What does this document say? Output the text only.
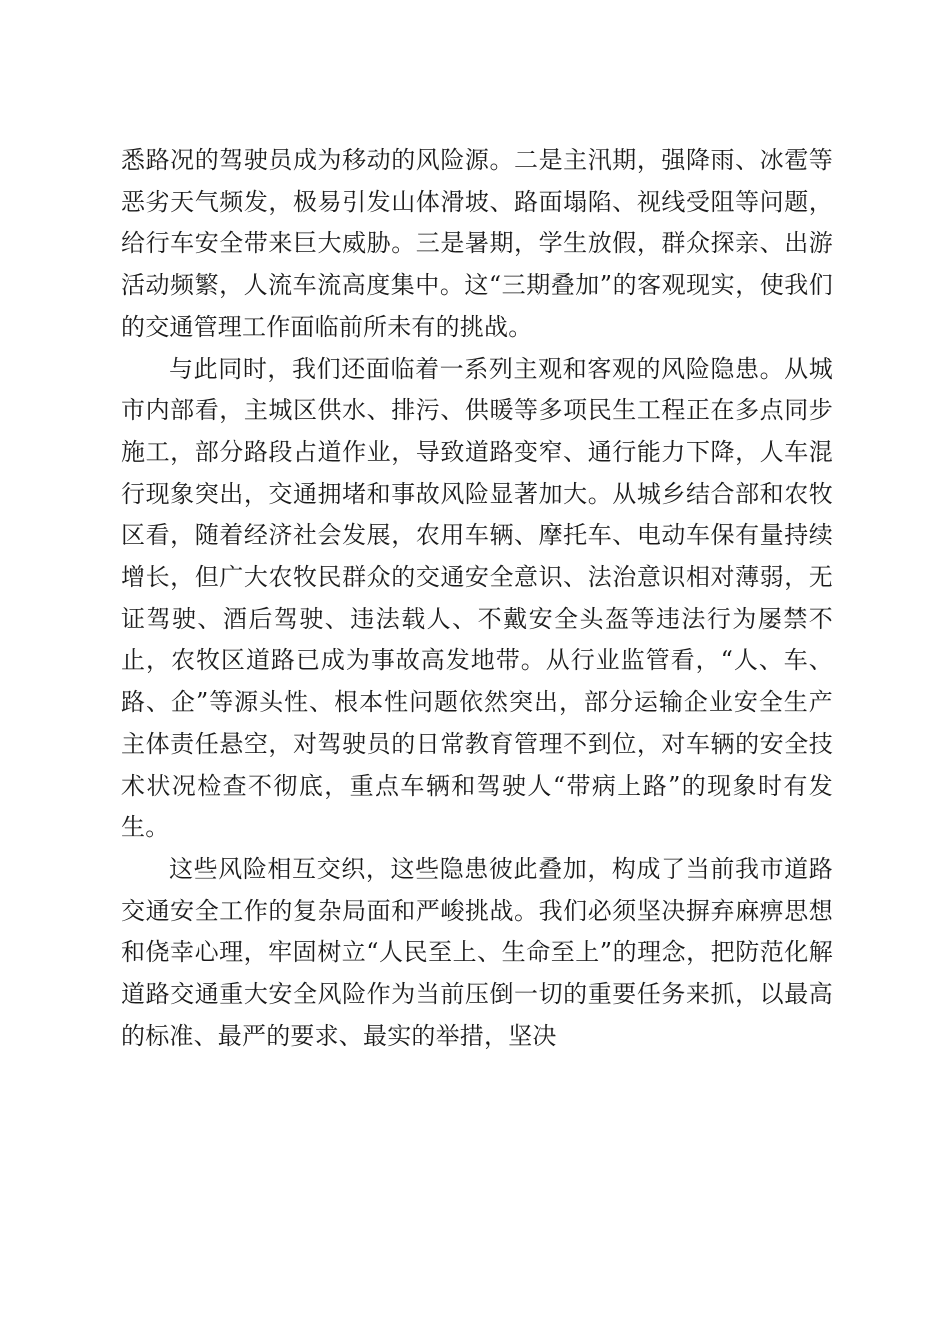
悉路况的驾驶员成为移动的风险源。二是主汛期，强降雨、冰雹等恶劣天气频发，极易引发山体滑坡、路面塌陷、视线受阻等问题，给行车安全带来巨大威胁。三是暑期，学生放假，群众探亲、出游活动频繁，人流车流高度集中。这“三期叠加”的客观现实，使我们的交通管理工作面临前所未有的挑战。

与此同时，我们还面临着一系列主观和客观的风险隐患。从城市内部看，主城区供水、排污、供暖等多项民生工程正在多点同步施工，部分路段占道作业，导致道路变窄、通行能力下降，人车混行现象突出，交通拥堵和事故风险显著加大。从城乡结合部和农牧区看，随着经济社会发展，农用车辆、摩托车、电动车保有量持续增长，但广大农牧民群众的交通安全意识、法治意识相对薄弱，无证驾驶、酒后驾驶、违法载人、不戴安全头盔等违法行为屡禁不止，农牧区道路已成为事故高发地带。从行业监管看，“人、车、路、企”等源头性、根本性问题依然突出，部分运输企业安全生产主体责任悬空，对驾驶员的日常教育管理不到位，对车辆的安全技术状况检查不彻底，重点车辆和驾驶人“带病上路”的现象时有发生。

这些风险相互交织，这些隐患彼此叠加，构成了当前我市道路交通安全工作的复杂局面和严峻挑战。我们必须坚决摒弃麻痹思想和侥幸心理，牢固树立“人民至上、生命至上”的理念，把防范化解道路交通重大安全风险作为当前压倒一切的重要任务来抓，以最高的标准、最严的要求、最实的举措，坚决
